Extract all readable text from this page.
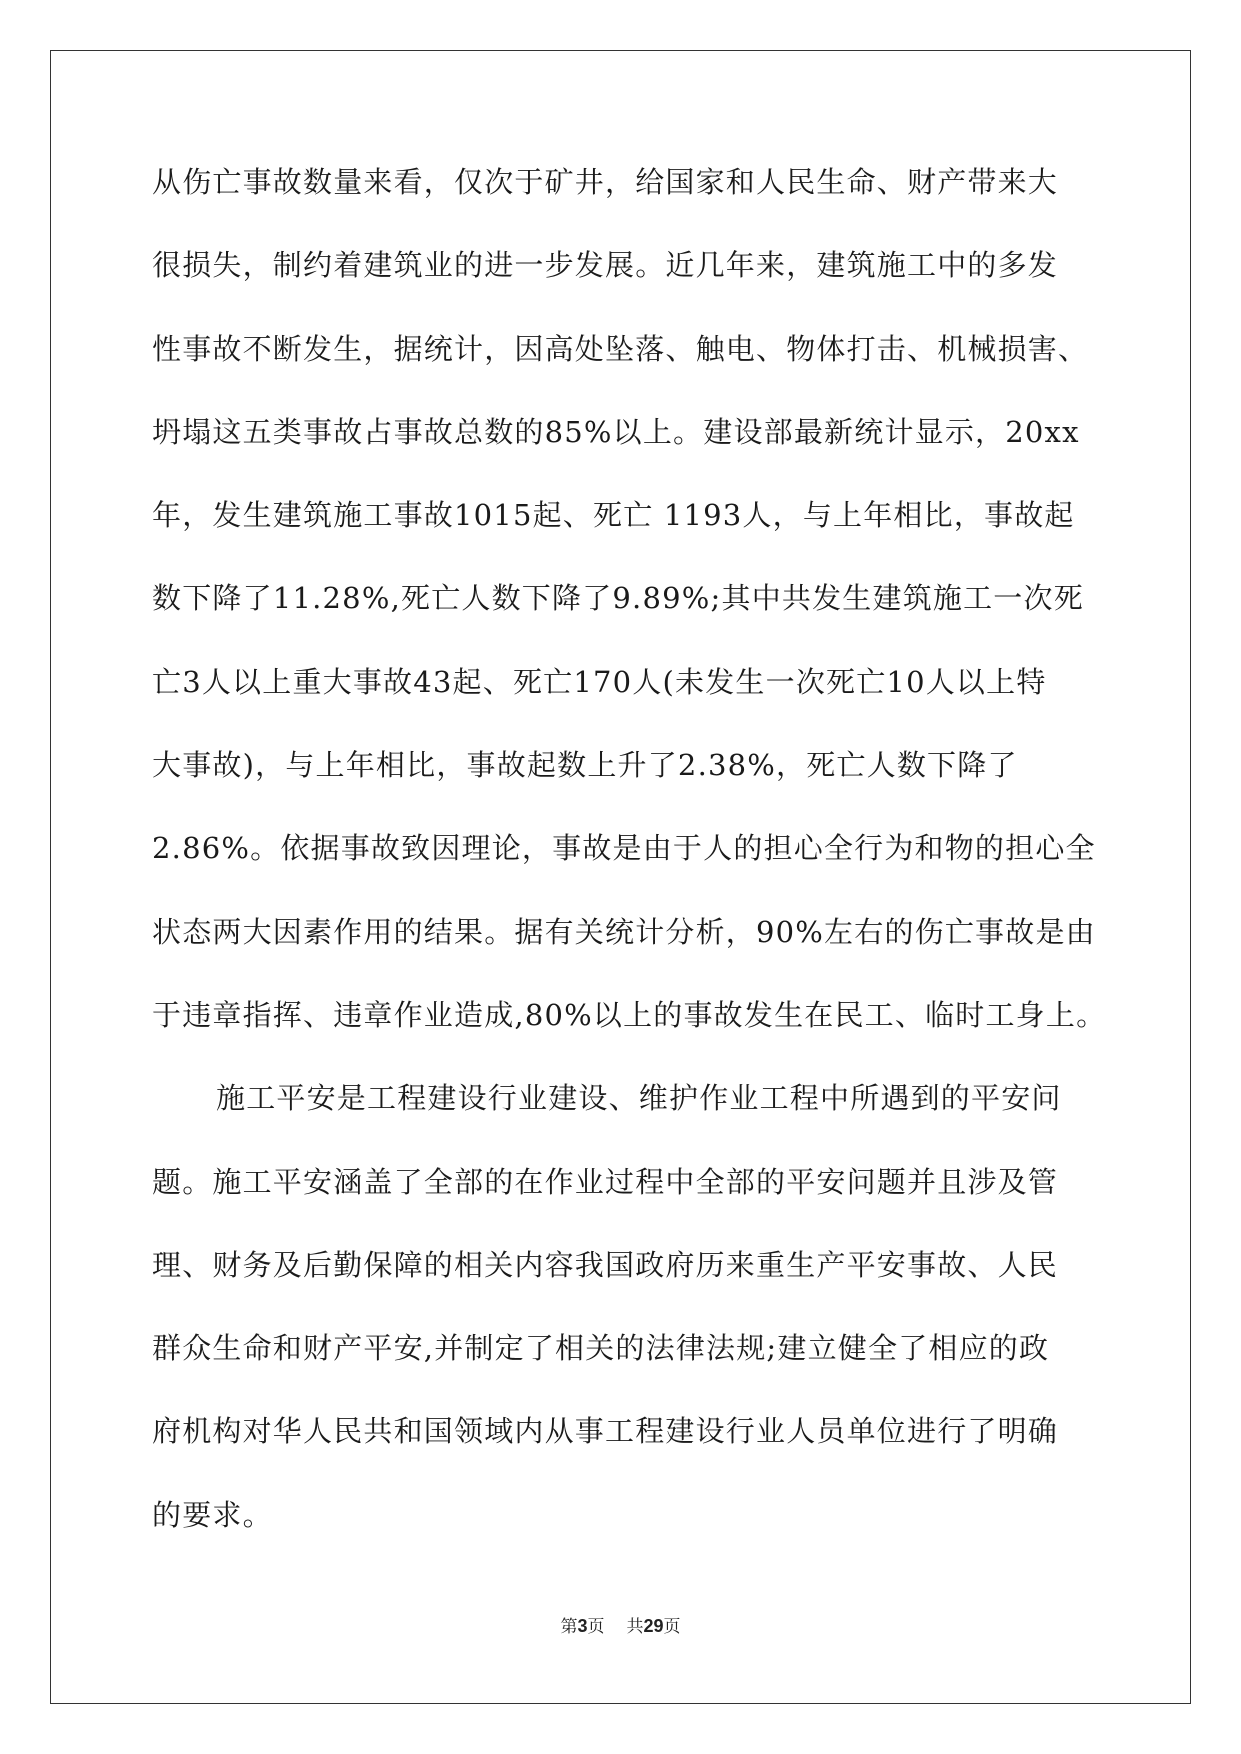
从伤亡事故数量来看，仅次于矿井，给国家和人民生命、财产带来大
很损失，制约着建筑业的进一步发展。近几年来，建筑施工中的多发
性事故不断发生，据统计，因高处坠落、触电、物体打击、机械损害、
坍塌这五类事故占事故总数的85%以上。建设部最新统计显示，20xx
年，发生建筑施工事故1015起、死亡 1193人，与上年相比，事故起
数下降了11.28%,死亡人数下降了9.89%;其中共发生建筑施工一次死
亡3人以上重大事故43起、死亡170人(未发生一次死亡10人以上特
大事故)，与上年相比，事故起数上升了2.38%，死亡人数下降了
2.86%。依据事故致因理论，事故是由于人的担心全行为和物的担心全
状态两大因素作用的结果。据有关统计分析，90%左右的伤亡事故是由
于违章指挥、违章作业造成,80%以上的事故发生在民工、临时工身上。
施工平安是工程建设行业建设、维护作业工程中所遇到的平安问
题。施工平安涵盖了全部的在作业过程中全部的平安问题并且涉及管
理、财务及后勤保障的相关内容我国政府历来重生产平安事故、人民
群众生命和财产平安,并制定了相关的法律法规;建立健全了相应的政
府机构对华人民共和国领域内从事工程建设行业人员单位进行了明确
的要求。
第3页 共29页
